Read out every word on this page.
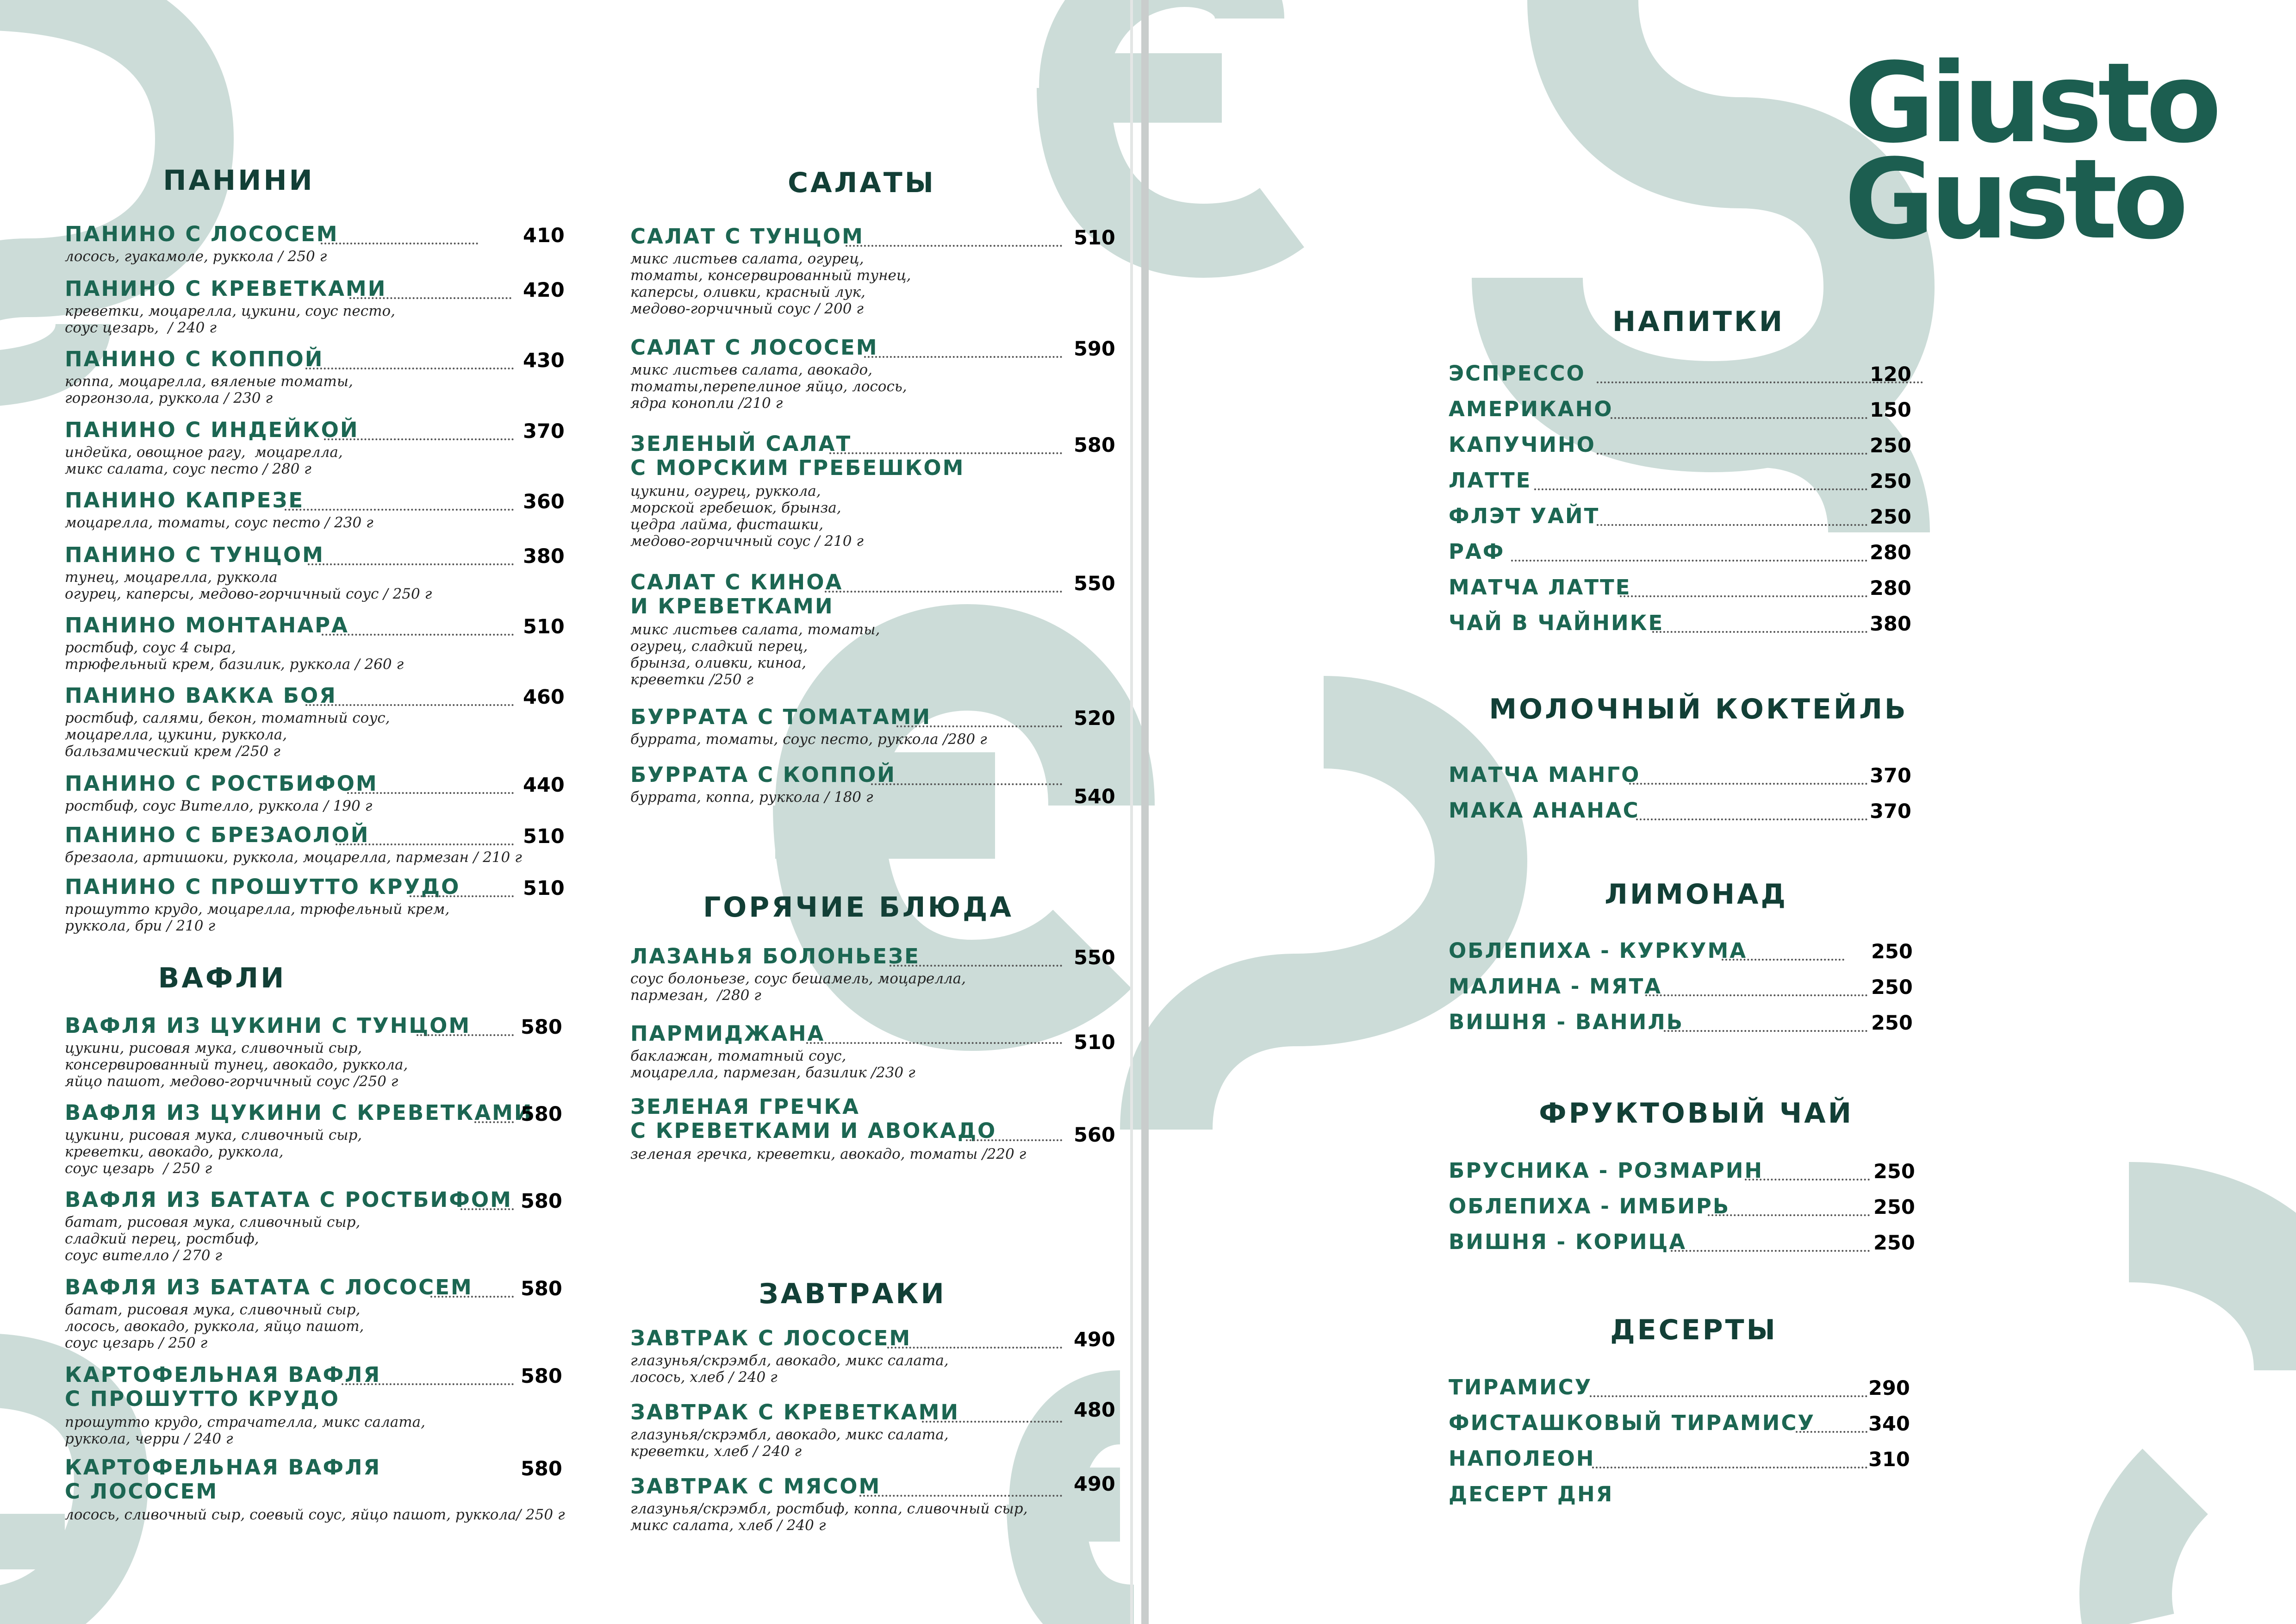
Giusto
Gusto
ПАНИНИ
ПАНИНО С ЛОСОСЕМ	410
лосось, гуакамоле, руккола / 250 г
ПАНИНО С КРЕВЕТКАМИ	420
креветки, моцарелла, цукини, соус песто,
соус цезарь,  / 240 г
ПАНИНО С КОППОЙ	430
коппа, моцарелла, вяленые томаты,
горгонзола, руккола / 230 г
ПАНИНО С ИНДЕЙКОЙ	370
индейка, овощное рагу,  моцарелла,
микс салата, соус песто / 280 г
ПАНИНО КАПРЕЗЕ	360
моцарелла, томаты, соус песто / 230 г
ПАНИНО С ТУНЦОМ	380
тунец, моцарелла, руккола
огурец, каперсы, медово-горчичный соус / 250 г
ПАНИНО МОНТАНАРА	510
ростбиф, соус 4 сыра,
трюфельный крем, базилик, руккола / 260 г
ПАНИНО ВАККА БОЯ	460
ростбиф, салями, бекон, томатный соус,
моцарелла, цукини, руккола,
бальзамический крем /250 г
ПАНИНО С РОСТБИФОМ	440
ростбиф, соус Вителло, руккола / 190 г
ПАНИНО С БРЕЗАОЛОЙ	510
брезаола, артишоки, руккола, моцарелла, пармезан / 210 г
ПАНИНО С ПРОШУТТО КРУДО	510
прошутто крудо, моцарелла, трюфельный крем,
руккола, бри / 210 г
ВАФЛИ
ВАФЛЯ ИЗ ЦУКИНИ С ТУНЦОМ	580
цукини, рисовая мука, сливочный сыр,
консервированный тунец, авокадо, руккола,
яйцо пашот, медово-горчичный соус /250 г
ВАФЛЯ ИЗ ЦУКИНИ С КРЕВЕТКАМИ
580
цукини, рисовая мука, сливочный сыр,
креветки, авокадо, руккола,
соус цезарь  / 250 г
ВАФЛЯ ИЗ БАТАТА С РОСТБИФОМ 580
батат, рисовая мука, сливочный сыр,
сладкий перец, ростбиф,
соус вителло / 270 г
ВАФЛЯ ИЗ БАТАТА С ЛОСОСЕМ 580
батат, рисовая мука, сливочный сыр,
лосось, авокадо, руккола, яйцо пашот,
соус цезарь / 250 г
КАРТОФЕЛЬНАЯ ВАФЛЯ
С ПРОШУТТО КРУДО
580
прошутто крудо, страчателла, микс салата,
руккола, черри / 240 г
КАРТОФЕЛЬНАЯ ВАФЛЯ
С ЛОСОСЕМ
580
лосось, сливочный сыр, соевый соус, яйцо пашот, руккола/ 250 г
САЛАТЫ
САЛАТ С ТУНЦОМ	510
микс листьев салата, огурец,
томаты, консервированный тунец,
каперсы, оливки, красный лук,
медово-горчичный соус / 200 г
САЛАТ С ЛОСОСЕМ	590
микс листьев салата, авокадо,
томаты,перепелиное яйцо, лосось,
ядра конопли /210 г
ЗЕЛЕНЫЙ САЛАТ
С МОРСКИМ ГРЕБЕШКОМ
580
цукини, огурец, руккола,
морской гребешок, брынза,
цедра лайма, фисташки,
медово-горчичный соус / 210 г
САЛАТ С КИНОА
И КРЕВЕТКАМИ
550
микс листьев салата, томаты,
огурец, сладкий перец,
брынза, оливки, киноа,
креветки /250 г
БУРРАТА С ТОМАТАМИ	520
буррата, томаты, соус песто, руккола /280 г
БУРРАТА С КОППОЙ
540
буррата, коппа, руккола / 180 г
ГОРЯЧИЕ БЛЮДА
ЛАЗАНЬЯ БОЛОНЬЕЗЕ	550
соус болоньезе, соус бешамель, моцарелла,
пармезан,  /280 г
ПАРМИДЖАНА	510
баклажан, томатный соус,
моцарелла, пармезан, базилик /230 г
ЗЕЛЕНАЯ ГРЕЧКА
С КРЕВЕТКАМИ И АВОКАДО	560
зеленая гречка, креветки, авокадо, томаты /220 г
ЗАВТРАКИ
ЗАВТРАК С ЛОСОСЕМ	490
глазунья/скрэмбл, авокадо, микс салата,
лосось, хлеб / 240 г
ЗАВТРАК С КРЕВЕТКАМИ	480
глазунья/скрэмбл, авокадо, микс салата,
креветки, хлеб / 240 г
ЗАВТРАК С МЯСОМ	490
глазунья/скрэмбл, ростбиф, коппа, сливочный сыр,
микс салата, хлеб / 240 г
НАПИТКИ
ЭСПРЕССО	120
АМЕРИКАНО	150
КАПУЧИНО	250
ЛАТТЕ	250
ФЛЭТ УАЙТ	250
РАФ	280
МАТЧА ЛАТТЕ	280
ЧАЙ В ЧАЙНИКЕ	380
МОЛОЧНЫЙ КОКТЕЙЛЬ
МАТЧА МАНГО	370
МАКА АНАНАС	370
ЛИМОНАД
ОБЛЕПИХА - КУРКУМА	250
МАЛИНА - МЯТА	250
ВИШНЯ - ВАНИЛЬ	250
ФРУКТОВЫЙ ЧАЙ
БРУСНИКА - РОЗМАРИН	250
ОБЛЕПИХА - ИМБИРЬ	250
ВИШНЯ - КОРИЦА	250
ДЕСЕРТЫ
ТИРАМИСУ	290
ФИСТАШКОВЫЙ ТИРАМИСУ	340
НАПОЛЕОН	310
ДЕСЕРТ ДНЯ
